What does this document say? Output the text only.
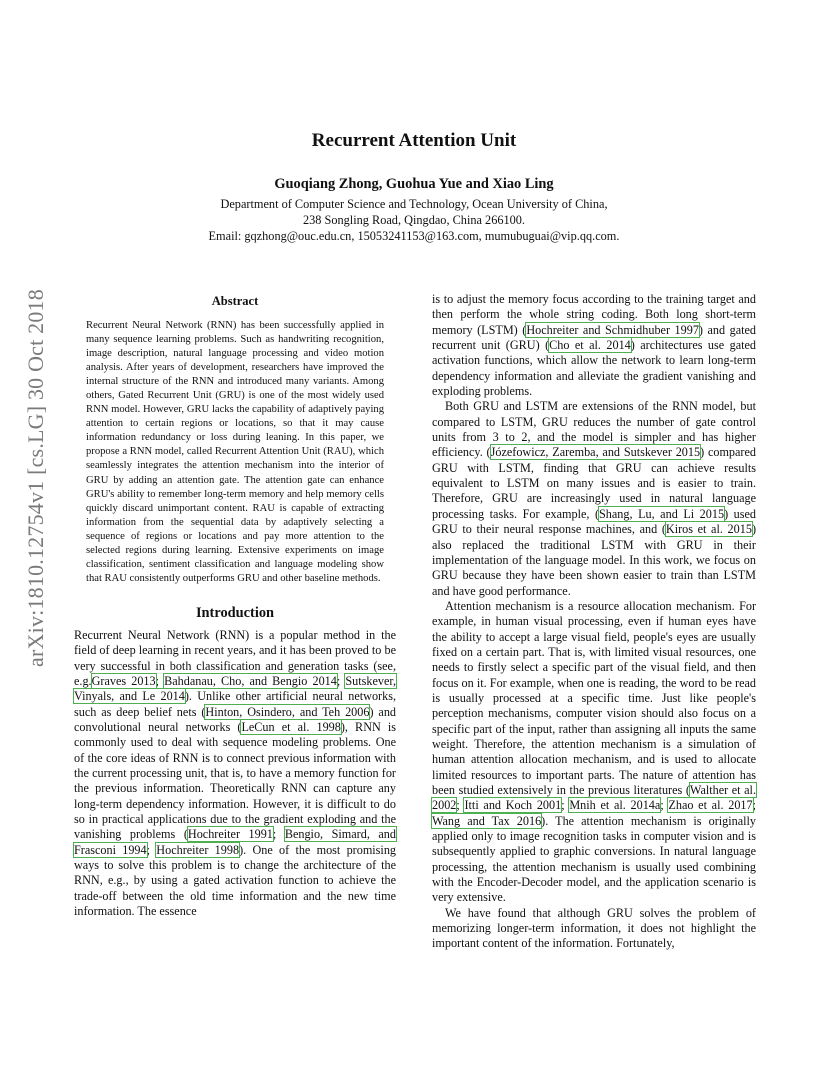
arXiv:1810.12754v1 [cs.LG] 30 Oct 2018
Recurrent Attention Unit
Guoqiang Zhong, Guohua Yue and Xiao Ling
Department of Computer Science and Technology, Ocean University of China,
238 Songling Road, Qingdao, China 266100.
Email: gqzhong@ouc.edu.cn, 15053241153@163.com, mumubuguai@vip.qq.com.
Abstract

Recurrent Neural Network (RNN) has been successfully applied in many sequence learning problems. Such as handwriting recognition, image description, natural language processing and video motion analysis. After years of development, researchers have improved the internal structure of the RNN and introduced many variants. Among others, Gated Recurrent Unit (GRU) is one of the most widely used RNN model. However, GRU lacks the capability of adaptively paying attention to certain regions or locations, so that it may cause information redundancy or loss during leaning. In this paper, we propose a RNN model, called Recurrent Attention Unit (RAU), which seamlessly integrates the attention mechanism into the interior of GRU by adding an attention gate. The attention gate can enhance GRU's ability to remember long-term memory and help memory cells quickly discard unimportant content. RAU is capable of extracting information from the sequential data by adaptively selecting a sequence of regions or locations and pay more attention to the selected regions during learning. Extensive experiments on image classification, sentiment classification and language modeling show that RAU consistently outperforms GRU and other baseline methods.

Introduction

Recurrent Neural Network (RNN) is a popular method in the field of deep learning in recent years, and it has been proved to be very successful in both classification and generation tasks (see, e.g.Graves 2013; Bahdanau, Cho, and Bengio 2014; Sutskever, Vinyals, and Le 2014). Unlike other artificial neural networks, such as deep belief nets (Hinton, Osindero, and Teh 2006) and convolutional neural networks (LeCun et al. 1998), RNN is commonly used to deal with sequence modeling problems. One of the core ideas of RNN is to connect previous information with the current processing unit, that is, to have a memory function for the previous information. Theoretically RNN can capture any long-term dependency information. However, it is difficult to do so in practical applications due to the gradient exploding and the vanishing problems (Hochreiter 1991; Bengio, Simard, and Frasconi 1994; Hochreiter 1998). One of the most promising ways to solve this problem is to change the architecture of the RNN, e.g., by using a gated activation function to achieve the trade-off between the old time information and the new time information. The essence

is to adjust the memory focus according to the training target and then perform the whole string coding. Both long short-term memory (LSTM) (Hochreiter and Schmidhuber 1997) and gated recurrent unit (GRU) (Cho et al. 2014) architectures use gated activation functions, which allow the network to learn long-term dependency information and alleviate the gradient vanishing and exploding problems.

Both GRU and LSTM are extensions of the RNN model, but compared to LSTM, GRU reduces the number of gate control units from 3 to 2, and the model is simpler and has higher efficiency. (Józefowicz, Zaremba, and Sutskever 2015) compared GRU with LSTM, finding that GRU can achieve results equivalent to LSTM on many issues and is easier to train. Therefore, GRU are increasingly used in natural language processing tasks. For example, (Shang, Lu, and Li 2015) used GRU to their neural response machines, and (Kiros et al. 2015) also replaced the traditional LSTM with GRU in their implementation of the language model. In this work, we focus on GRU because they have been shown easier to train than LSTM and have good performance.

Attention mechanism is a resource allocation mechanism. For example, in human visual processing, even if human eyes have the ability to accept a large visual field, people's eyes are usually fixed on a certain part. That is, with limited visual resources, one needs to firstly select a specific part of the visual field, and then focus on it. For example, when one is reading, the word to be read is usually processed at a specific time. Just like people's perception mechanisms, computer vision should also focus on a specific part of the input, rather than assigning all inputs the same weight. Therefore, the attention mechanism is a simulation of human attention allocation mechanism, and is used to allocate limited resources to important parts. The nature of attention has been studied extensively in the previous literatures (Walther et al. 2002; Itti and Koch 2001; Mnih et al. 2014a; Zhao et al. 2017; Wang and Tax 2016). The attention mechanism is originally applied only to image recognition tasks in computer vision and is subsequently applied to graphic conversions. In natural language processing, the attention mechanism is usually used combining with the Encoder-Decoder model, and the application scenario is very extensive.

We have found that although GRU solves the problem of memorizing longer-term information, it does not highlight the important content of the information. Fortunately,
